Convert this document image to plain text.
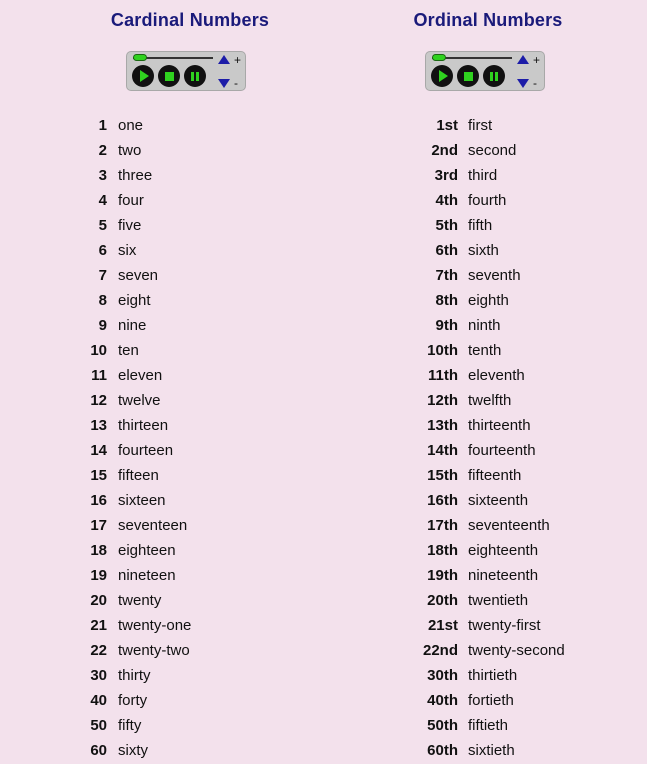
Cardinal Numbers
+
-
1 one
2 two
3 three
4 four
5 five
6 six
7 seven
8 eight
9 nine
10 ten
11 eleven
12 twelve
13 thirteen
14 fourteen
15 fifteen
16 sixteen
17 seventeen
18 eighteen
19 nineteen
20 twenty
21 twenty-one
22 twenty-two
30 thirty
40 forty
50 fifty
60 sixty
Ordinal Numbers
+
-
1st first
2nd second
3rd third
4th fourth
5th fifth
6th sixth
7th seventh
8th eighth
9th ninth
10th tenth
11th eleventh
12th twelfth
13th thirteenth
14th fourteenth
15th fifteenth
16th sixteenth
17th seventeenth
18th eighteenth
19th nineteenth
20th twentieth
21st twenty-first
22nd twenty-second
30th thirtieth
40th fortieth
50th fiftieth
60th sixtieth
